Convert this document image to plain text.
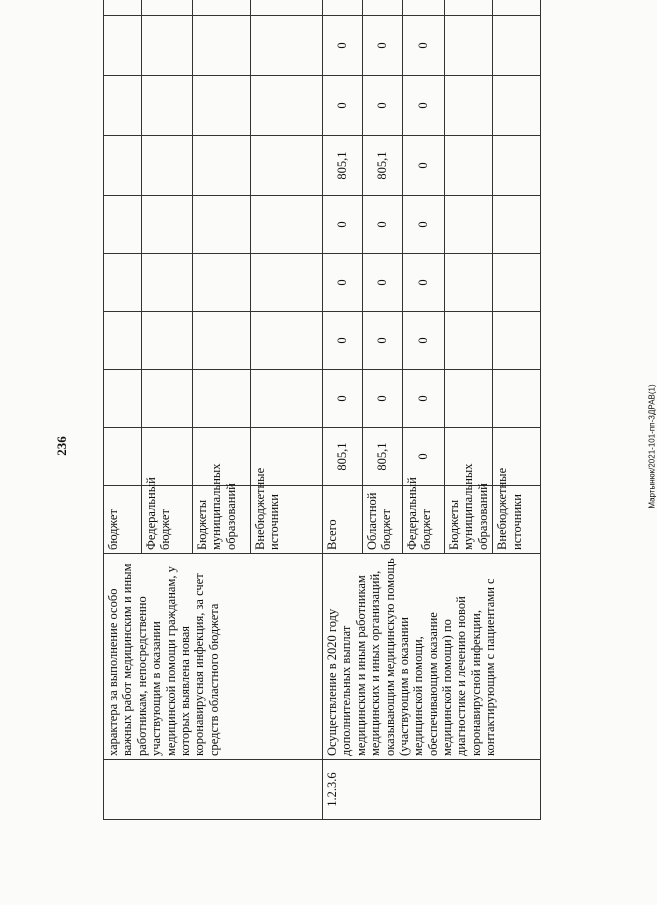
236
	характера за выполнение особо важных работ медицинским и иным работникам, непосредственно участвующим в оказании медицинской помощи гражданам, у которых выявлена новая коронавирусная инфекция, за счет средств областного бюджета	бюджет									
		Федеральный бюджет									
		Бюджеты муниципальных образований									
		Внебюджетные источники									
1.2.3.6	Осуществление в 2020 году дополнительных выплат медицинским и иным работникам медицинских и иных организаций, оказывающим медицинскую помощь (участвующим в оказании медицинской помощи, обеспечивающим оказание медицинской помощи) по диагностике и лечению новой коронавирусной инфекции, контактирующим с пациентами с	Всего	805,1	0	0	0	0	805,1	0	0	
		Областной бюджет	805,1	0	0	0	0	805,1	0	0	
		Федеральный бюджет	0	0	0	0	0	0	0	0	
		Бюджеты муниципальных образований									
		Внебюджетные источники									
Мартынюк/2021-101-пп-ЗДРАВ(1)
